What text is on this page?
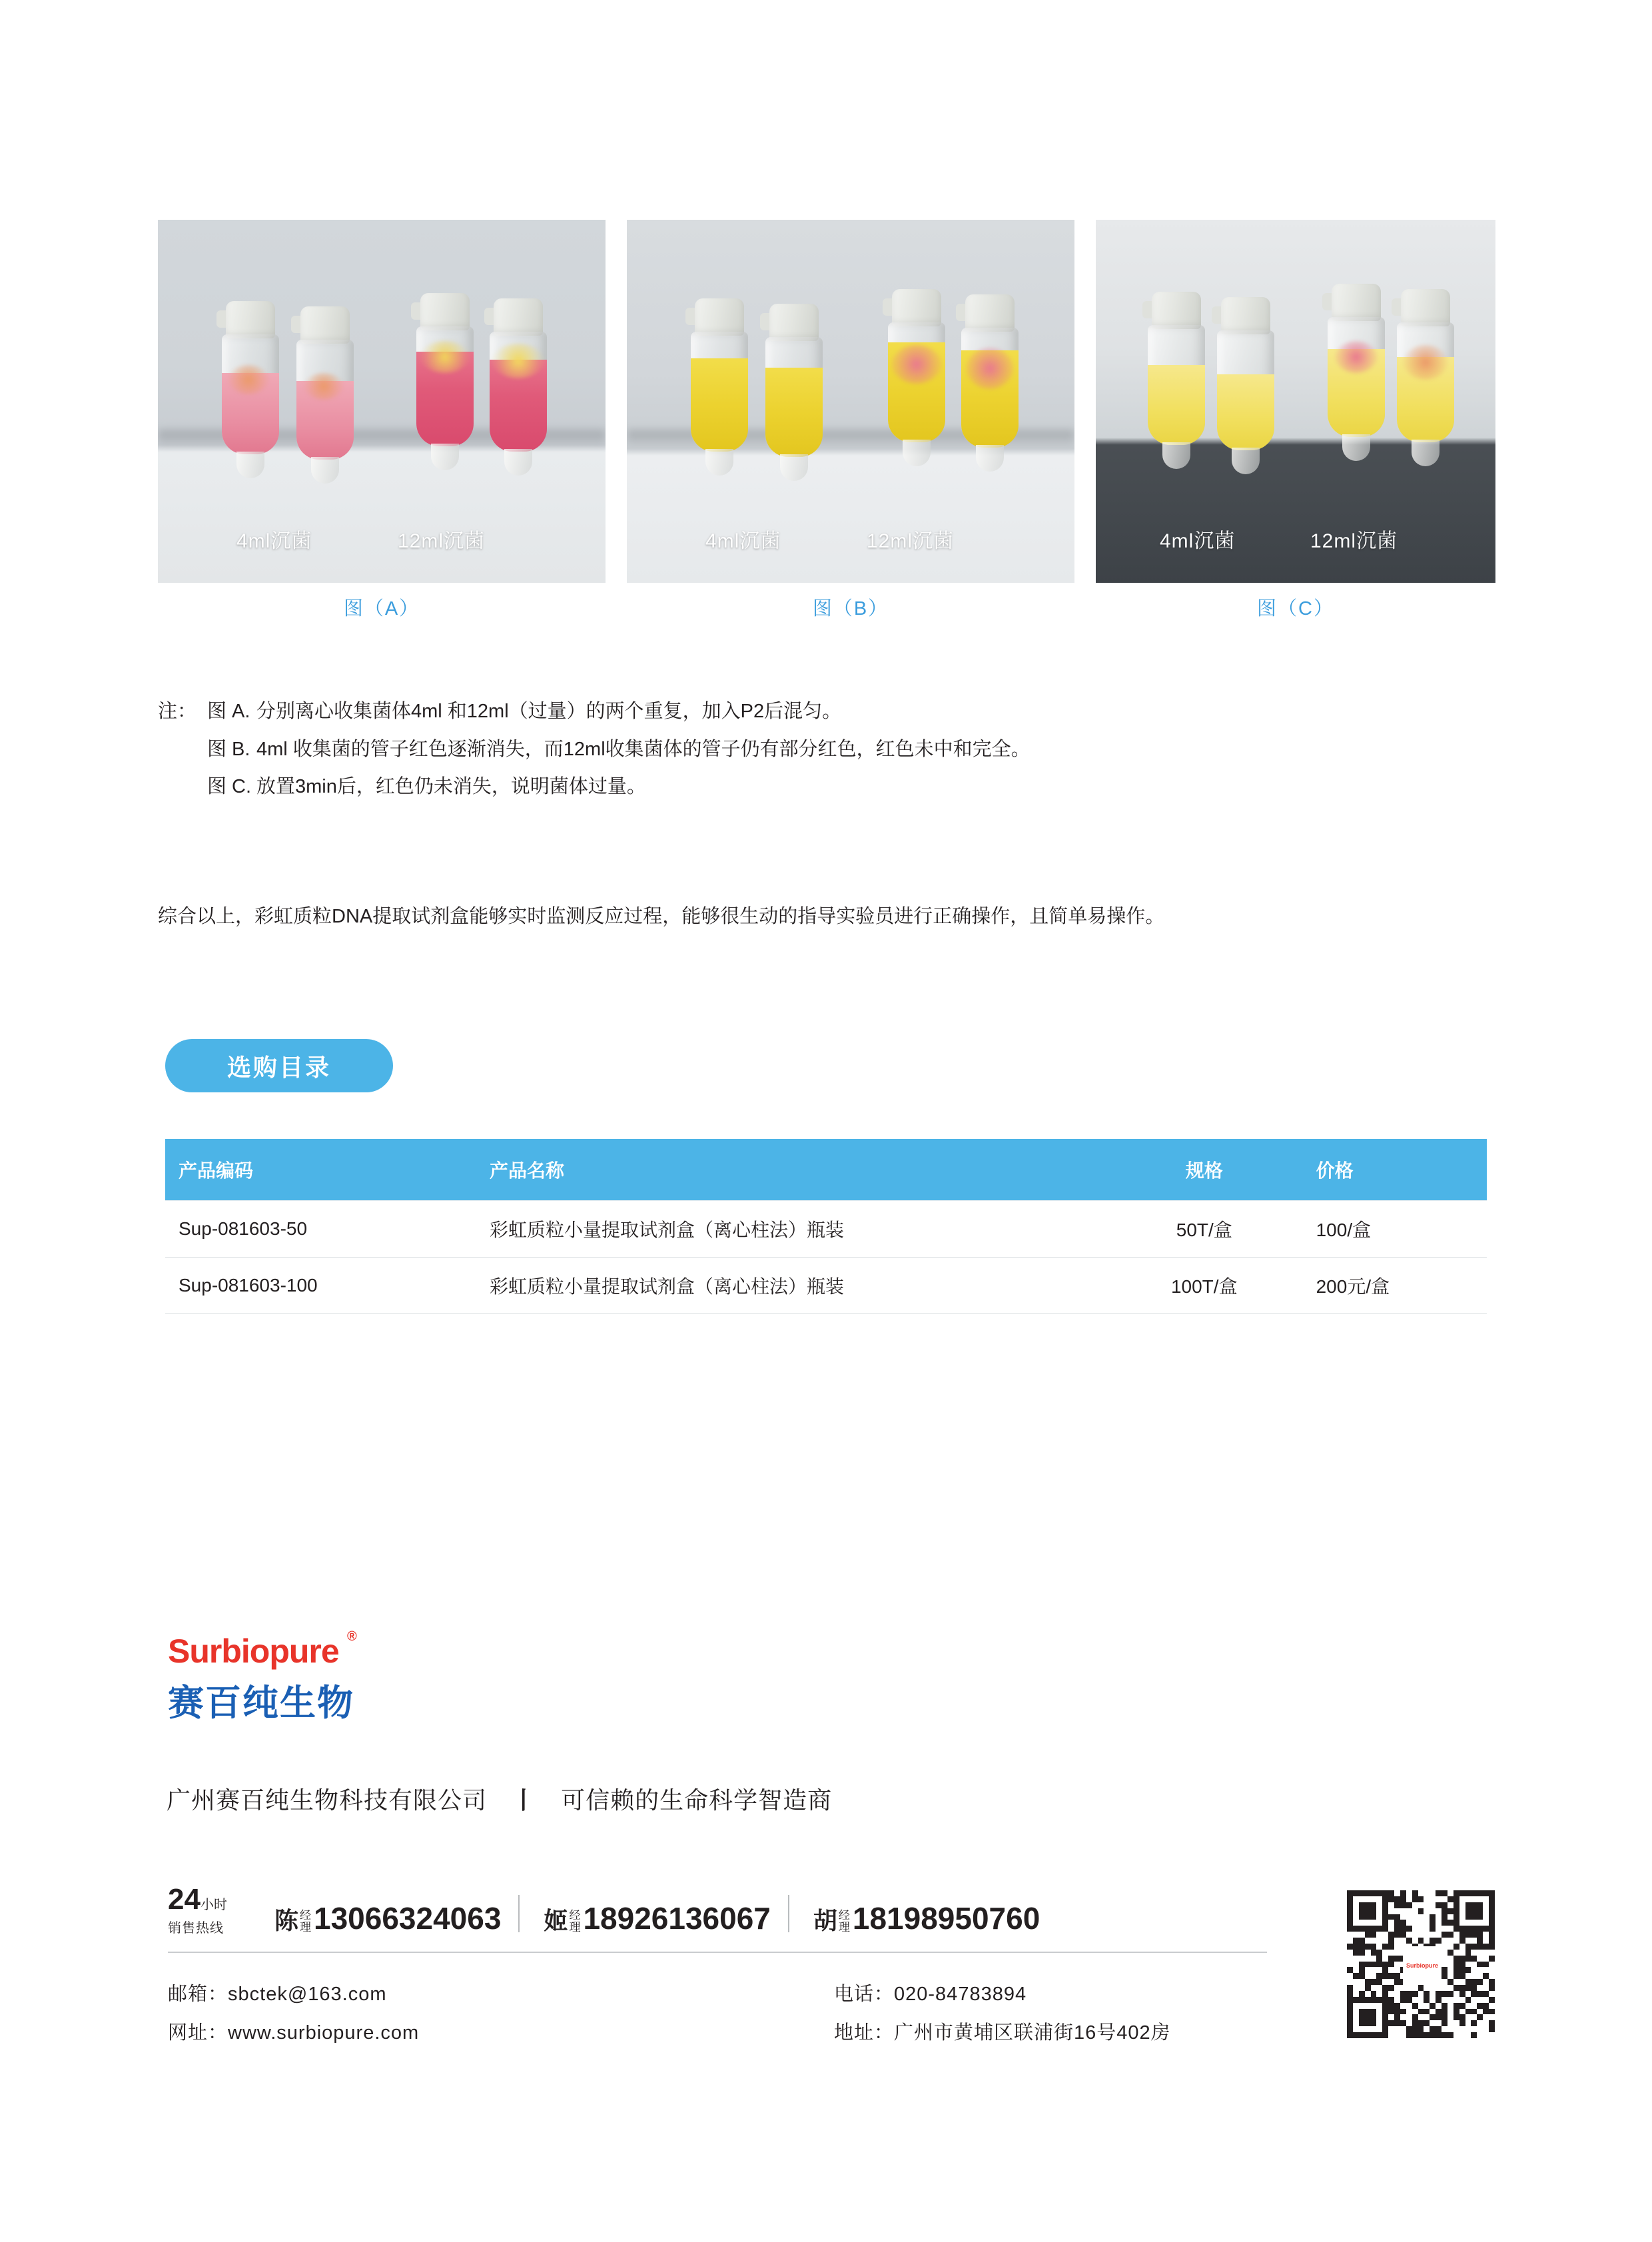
4ml沉菌	12ml沉菌
图（A）
4ml沉菌	12ml沉菌
图（B）
4ml沉菌	12ml沉菌
图（C）
注： 图 A. 分别离心收集菌体4ml 和12ml（过量）的两个重复，加入P2后混匀。
图 B. 4ml 收集菌的管子红色逐渐消失，而12ml收集菌体的管子仍有部分红色，红色未中和完全。
图 C. 放置3min后，红色仍未消失，说明菌体过量。
综合以上，彩虹质粒DNA提取试剂盒能够实时监测反应过程，能够很生动的指导实验员进行正确操作，且简单易操作。
选购目录
产品编码	产品名称	规格	价格
Sup-081603-50	彩虹质粒小量提取试剂盒（离心柱法）瓶装	50T/盒	100/盒
Sup-081603-100	彩虹质粒小量提取试剂盒（离心柱法）瓶装	100T/盒	200元/盒
Surbiopure ®
赛百纯生物
广州赛百纯生物科技有限公司 丨 可信赖的生命科学智造商
24小时
销售热线	陈 经
理 13066324063 姬 经
理 18926136067 胡 经
理 18198950760
邮箱：sbctek@163.com	电话：020-84783894
网址：www.surbiopure.com	地址：广州市黄埔区联浦街16号402房
Surbiopure
